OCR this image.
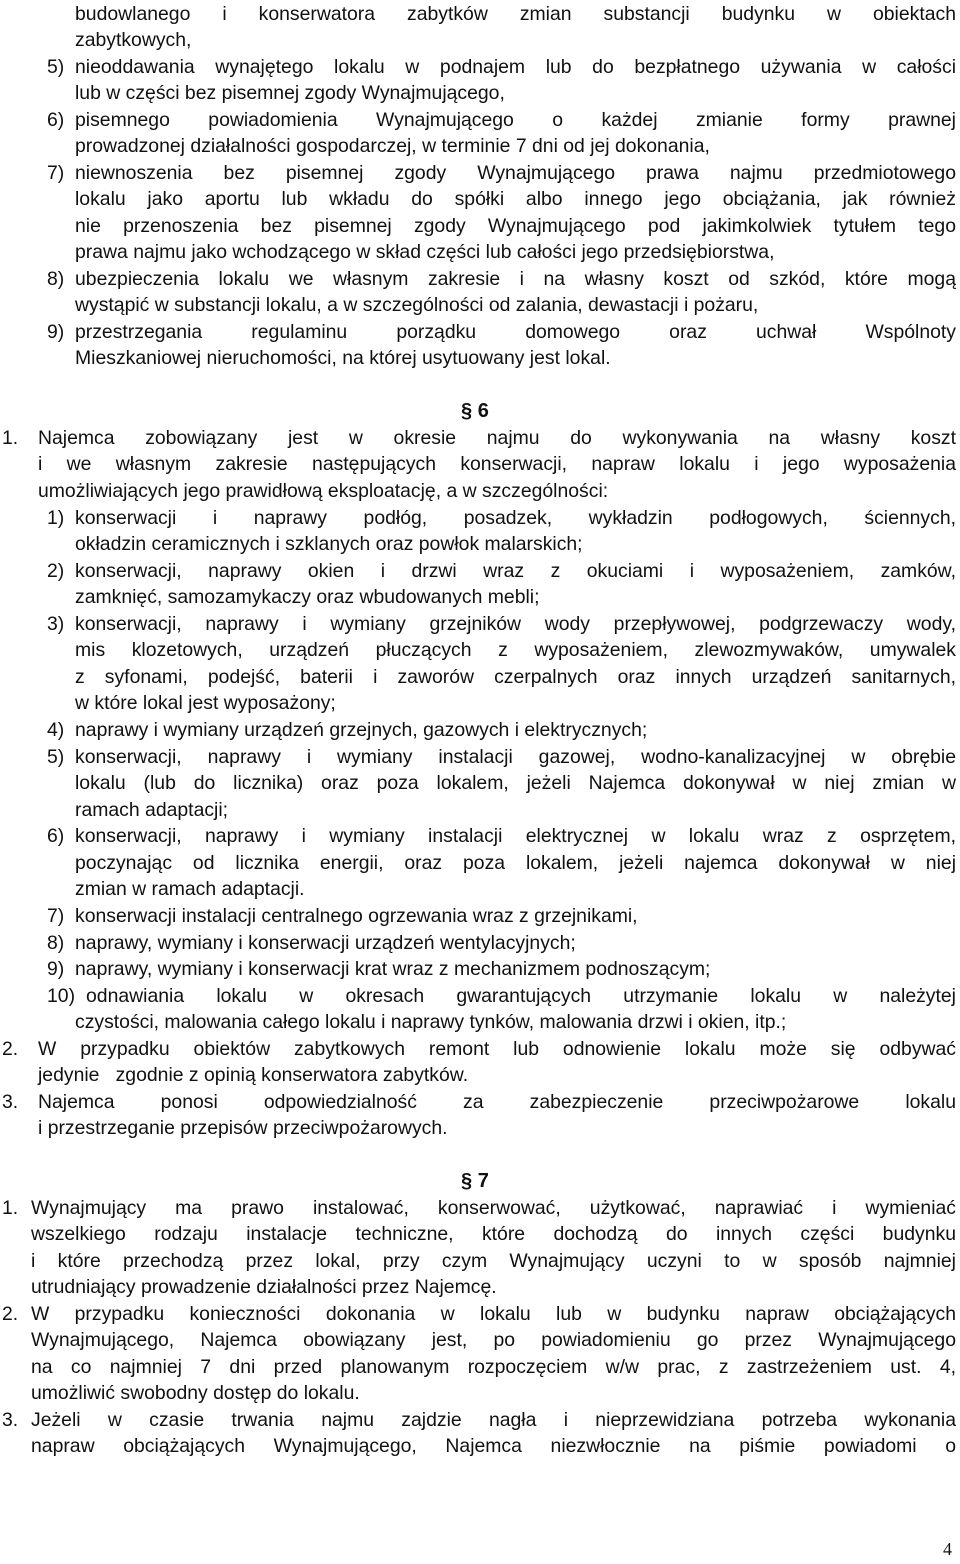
budowlanego i konserwatora zabytków zmian substancji budynku w obiektach
zabytkowych,
5) nieoddawania wynajętego lokalu w podnajem lub do bezpłatnego używania w całości
lub w części bez pisemnej zgody Wynajmującego,
6) pisemnego powiadomienia Wynajmującego o każdej zmianie formy prawnej
prowadzonej działalności gospodarczej, w terminie 7 dni od jej dokonania,
7) niewnoszenia bez pisemnej zgody Wynajmującego prawa najmu przedmiotowego
lokalu jako aportu lub wkładu do spółki albo innego jego obciążania, jak również
nie przenoszenia bez pisemnej zgody Wynajmującego pod jakimkolwiek tytułem tego
prawa najmu jako wchodzącego w skład części lub całości jego przedsiębiorstwa,
8) ubezpieczenia lokalu we własnym zakresie i na własny koszt od szkód, które mogą
wystąpić w substancji lokalu, a w szczególności od zalania, dewastacji i pożaru,
9) przestrzegania regulaminu porządku domowego oraz uchwał Wspólnoty
Mieszkaniowej nieruchomości, na której usytuowany jest lokal.
§ 6
1. Najemca zobowiązany jest w okresie najmu do wykonywania na własny koszt
i we własnym zakresie następujących konserwacji, napraw lokalu i jego wyposażenia
umożliwiających jego prawidłową eksploatację, a w szczególności:
1) konserwacji i naprawy podłóg, posadzek, wykładzin podłogowych, ściennych,
okładzin ceramicznych i szklanych oraz powłok malarskich;
2) konserwacji, naprawy okien i drzwi wraz z okuciami i wyposażeniem, zamków,
zamknięć, samozamykaczy oraz wbudowanych mebli;
3) konserwacji, naprawy i wymiany grzejników wody przepływowej, podgrzewaczy wody,
mis klozetowych, urządzeń płuczących z wyposażeniem, zlewozmywaków, umywalek
z syfonami, podejść, baterii i zaworów czerpalnych oraz innych urządzeń sanitarnych,
w które lokal jest wyposażony;
4) naprawy i wymiany urządzeń grzejnych, gazowych i elektrycznych;
5) konserwacji, naprawy i wymiany instalacji gazowej, wodno-kanalizacyjnej w obrębie
lokalu (lub do licznika) oraz poza lokalem, jeżeli Najemca dokonywał w niej zmian w
ramach adaptacji;
6) konserwacji, naprawy i wymiany instalacji elektrycznej w lokalu wraz z osprzętem,
poczynając od licznika energii, oraz poza lokalem, jeżeli najemca dokonywał w niej
zmian w ramach adaptacji.
7) konserwacji instalacji centralnego ogrzewania wraz z grzejnikami,
8) naprawy, wymiany i konserwacji urządzeń wentylacyjnych;
9) naprawy, wymiany i konserwacji krat wraz z mechanizmem podnoszącym;
10) odnawiania lokalu w okresach gwarantujących utrzymanie lokalu w należytej
czystości, malowania całego lokalu i naprawy tynków, malowania drzwi i okien, itp.;
2. W przypadku obiektów zabytkowych remont lub odnowienie lokalu może się odbywać
jedynie   zgodnie z opinią konserwatora zabytków.
3. Najemca ponosi odpowiedzialność za zabezpieczenie przeciwpożarowe lokalu
i przestrzeganie przepisów przeciwpożarowych.
§ 7
1. Wynajmujący ma prawo instalować, konserwować, użytkować, naprawiać i wymieniać
wszelkiego rodzaju instalacje techniczne, które dochodzą do innych części budynku
i które przechodzą przez lokal, przy czym Wynajmujący uczyni to w sposób najmniej
utrudniający prowadzenie działalności przez Najemcę.
2. W przypadku konieczności dokonania w lokalu lub w budynku napraw obciążających
Wynajmującego, Najemca obowiązany jest, po powiadomieniu go przez Wynajmującego
na co najmniej 7 dni przed planowanym rozpoczęciem w/w prac, z zastrzeżeniem ust. 4,
umożliwić swobodny dostęp do lokalu.
3. Jeżeli w czasie trwania najmu zajdzie nagła i nieprzewidziana potrzeba wykonania
napraw obciążających Wynajmującego, Najemca niezwłocznie na piśmie powiadomi o
4
